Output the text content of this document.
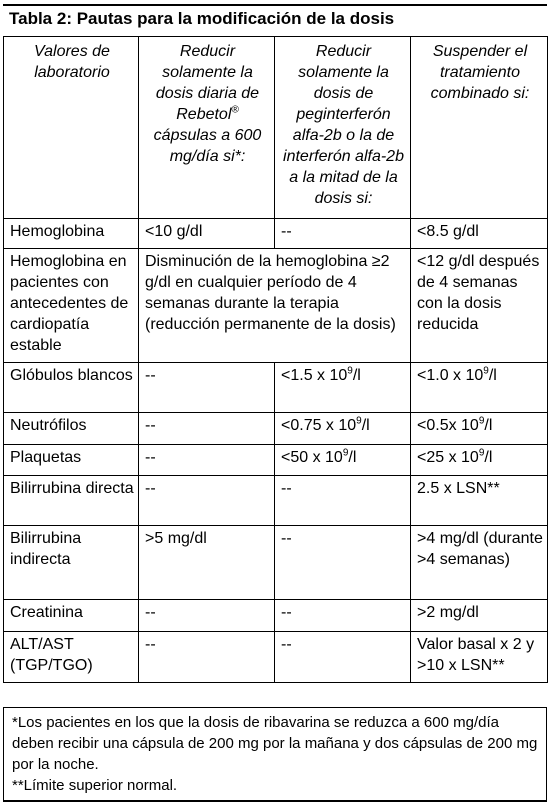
Tabla 2: Pautas para la modificación de la dosis
Valores de laboratorio	Reducir solamente la dosis diaria de Rebetol® cápsulas a 600 mg/día si*:	Reducir solamente la dosis de peginterferón alfa-2b o la de interferón alfa-2b a la mitad de la dosis si:	Suspender el tratamiento combinado si:
Hemoglobina	<10 g/dl	--	<8.5 g/dl
Hemoglobina en pacientes con antecedentes de cardiopatía estable	Disminución de la hemoglobina ≥2 g/dl en cualquier período de 4 semanas durante la terapia (reducción permanente de la dosis)		<12 g/dl después de 4 semanas con la dosis reducida
Glóbulos blancos	--	<1.5 x $10^9/l$	<1.0 x $10^9/l$
Neutrófilos	--	<0.75 x $10^9/l$	<0.5x $10^9/l$
Plaquetas	--	<50 x $10^9/l$	<25 x $10^9/l$
Bilirrubina directa	--	--	2.5 x LSN**
Bilirrubina indirecta	>5 mg/dl	--	>4 mg/dl (durante >4 semanas)
Creatinina	--	--	>2 mg/dl
ALT/AST (TGP/TGO)	--	--	Valor basal x 2 y >10 x LSN**

*Los pacientes en los que la dosis de ribavarina se reduzca a 600 mg/día deben recibir una cápsula de 200 mg por la mañana y dos cápsulas de 200 mg por la noche.

**Límite superior normal.
